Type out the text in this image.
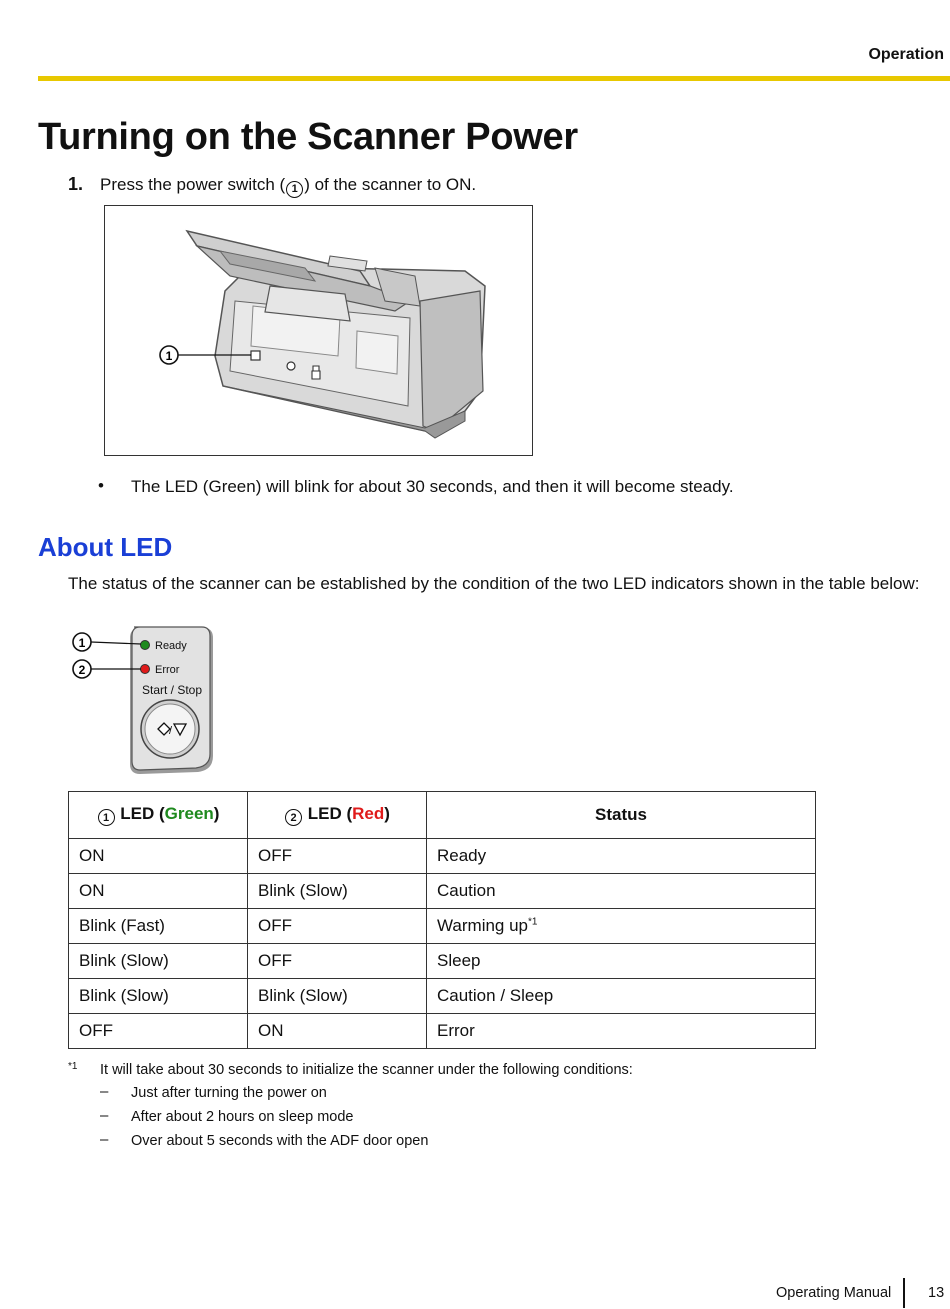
Operation
Turning on the Scanner Power
1. Press the power switch ( 1 ) of the scanner to ON.
1
• The LED (Green) will blink for about 30 seconds, and then it will become steady.
About LED
The status of the scanner can be established by the condition of the two LED indicators shown in the table below:
Ready
Error
Start / Stop
/
1
2
1 LED (Green)	2 LED (Red)	Status
ON	OFF	Ready
ON	Blink (Slow)	Caution
Blink (Fast)	OFF	Warming $up^{*1}$
Blink (Slow)	OFF	Sleep
Blink (Slow)	Blink (Slow)	Caution / Sleep
OFF	ON	Error
*1 It will take about 30 seconds to initialize the scanner under the following conditions:
– Just after turning the power on
– After about 2 hours on sleep mode
– Over about 5 seconds with the ADF door open
Operating Manual	13
